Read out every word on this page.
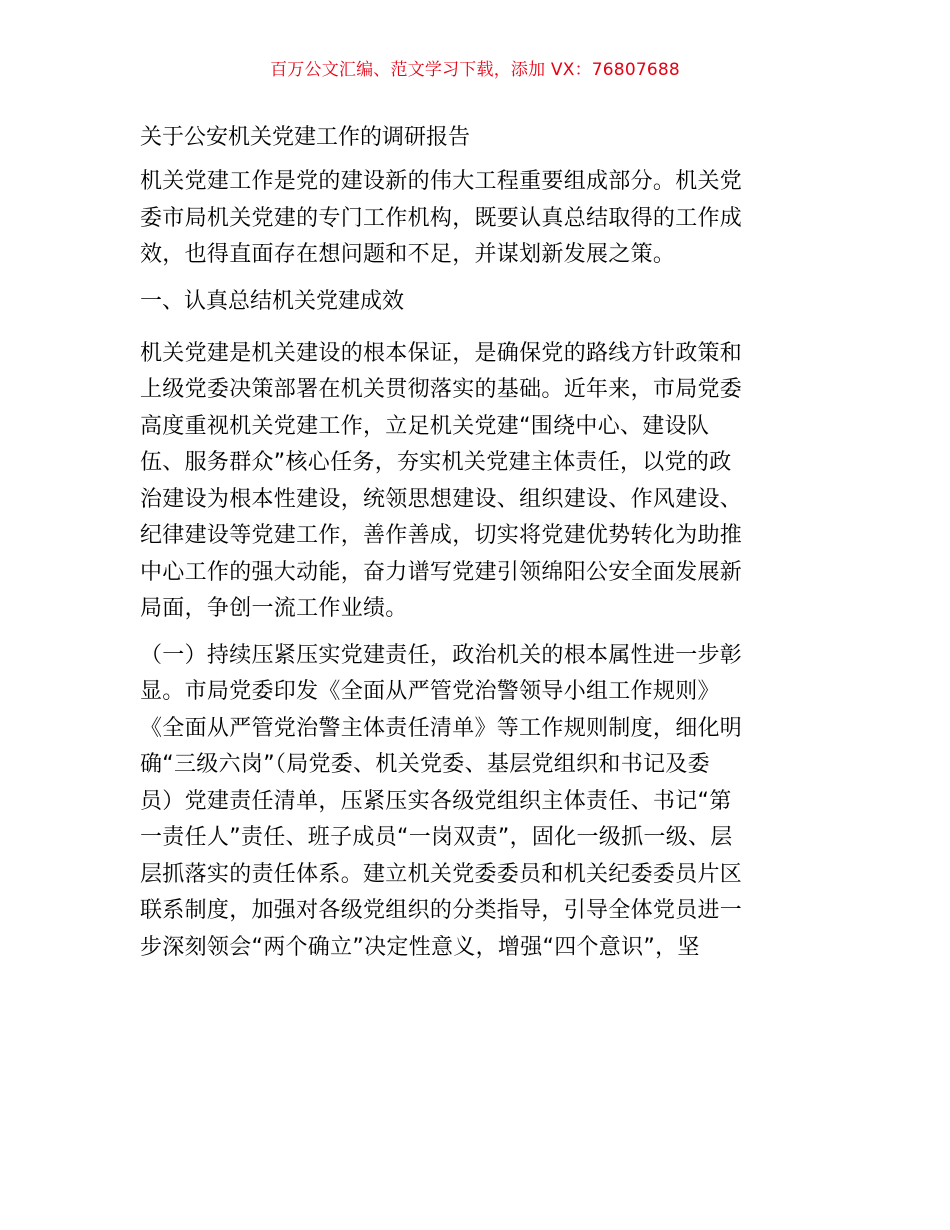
百万公文汇编、范文学习下载，添加 VX：76807688
关于公安机关党建工作的调研报告
机关党建工作是党的建设新的伟大工程重要组成部分。机关党
委市局机关党建的专门工作机构，既要认真总结取得的工作成
效，也得直面存在想问题和不足，并谋划新发展之策。
一、认真总结机关党建成效
机关党建是机关建设的根本保证，是确保党的路线方针政策和
上级党委决策部署在机关贯彻落实的基础。近年来，市局党委
高度重视机关党建工作，立足机关党建“围绕中心、建设队
伍、服务群众”核心任务，夯实机关党建主体责任，以党的政
治建设为根本性建设，统领思想建设、组织建设、作风建设、
纪律建设等党建工作，善作善成，切实将党建优势转化为助推
中心工作的强大动能，奋力谱写党建引领绵阳公安全面发展新
局面，争创一流工作业绩。
（一）持续压紧压实党建责任，政治机关的根本属性进一步彰
显。市局党委印发《全面从严管党治警领导小组工作规则》
《全面从严管党治警主体责任清单》等工作规则制度，细化明
确“三级六岗”（局党委、机关党委、基层党组织和书记及委
员）党建责任清单，压紧压实各级党组织主体责任、书记“第
一责任人”责任、班子成员“一岗双责”，固化一级抓一级、层
层抓落实的责任体系。建立机关党委委员和机关纪委委员片区
联系制度，加强对各级党组织的分类指导，引导全体党员进一
步深刻领会“两个确立”决定性意义，增强“四个意识”，坚
